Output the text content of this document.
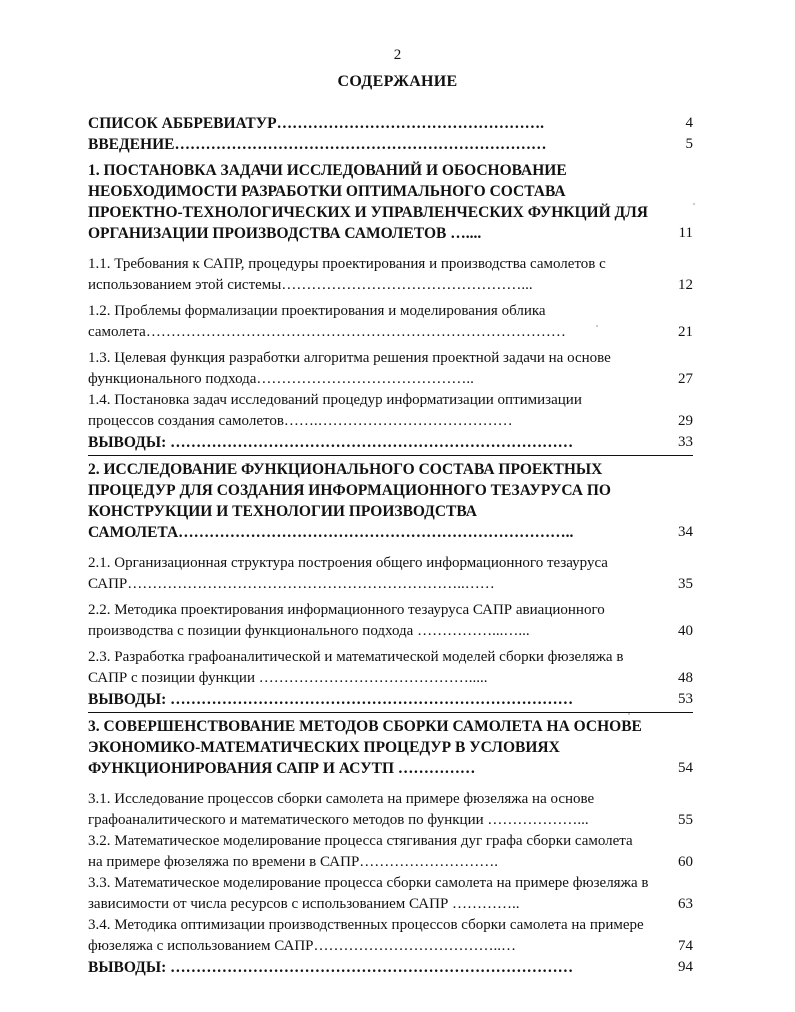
2
СОДЕРЖАНИЕ
СПИСОК АББРЕВИАТУР…………………………………………….	4
ВВЕДЕНИЕ………………………………………………………………	5
1. ПОСТАНОВКА ЗАДАЧИ ИССЛЕДОВАНИЙ И ОБОСНОВАНИЕ НЕОБХОДИМОСТИ РАЗРАБОТКИ ОПТИМАЛЬНОГО СОСТАВА ПРОЕКТНО-ТЕХНОЛОГИЧЕСКИХ И УПРАВЛЕНЧЕСКИХ ФУНКЦИЙ ДЛЯ ОРГАНИЗАЦИИ ПРОИЗВОДСТВА САМОЛЕТОВ …....	11
1.1. Требования к САПР, процедуры проектирования и производства самолетов с использованием этой системы…………………………………………...	12
1.2. Проблемы формализации проектирования и моделирования облика самолета…………………………………………………………………………	21
1.3. Целевая функция разработки алгоритма решения проектной задачи на основе функционального подхода……………………………………..	27
1.4. Постановка задач исследований процедур информатизации оптимизации процессов создания самолетов…….…………………………………	29
ВЫВОДЫ: ……………………………………………………………………	33
2. ИССЛЕДОВАНИЕ ФУНКЦИОНАЛЬНОГО СОСТАВА ПРОЕКТНЫХ ПРОЦЕДУР ДЛЯ СОЗДАНИЯ ИНФОРМАЦИОННОГО ТЕЗАУРУСА ПО КОНСТРУКЦИИ И ТЕХНОЛОГИИ ПРОИЗВОДСТВА САМОЛЕТА…………………………………………………………………..	34
2.1. Организационная структура построения общего информационного тезауруса САПР…………………………………………………………..……	35
2.2. Методика проектирования информационного тезауруса САПР авиационного производства с позиции функционального подхода ……………...…...	40
2.3. Разработка графоаналитической и математической моделей сборки фюзеляжа в САПР с позиции функции …………………………………….....	48
ВЫВОДЫ: ……………………………………………………………………	53
3. СОВЕРШЕНСТВОВАНИЕ МЕТОДОВ СБОРКИ САМОЛЕТА НА ОСНОВЕ ЭКОНОМИКО-МАТЕМАТИЧЕСКИХ ПРОЦЕДУР В УСЛОВИЯХ ФУНКЦИОНИРОВАНИЯ САПР И АСУТП ……………	54
3.1. Исследование процессов сборки самолета на примере фюзеляжа на основе графоаналитического и математического методов по функции ………………...	55
3.2. Математическое моделирование процесса стягивания дуг графа сборки самолета на примере фюзеляжа по времени в САПР……………………….	60
3.3. Математическое моделирование процесса сборки самолета на примере фюзеляжа в зависимости от числа ресурсов с использованием САПР …………..	63
3.4. Методика оптимизации производственных процессов сборки самолета на примере фюзеляжа с использованием САПР………………………………..…	74
ВЫВОДЫ: ……………………………………………………………………	94
